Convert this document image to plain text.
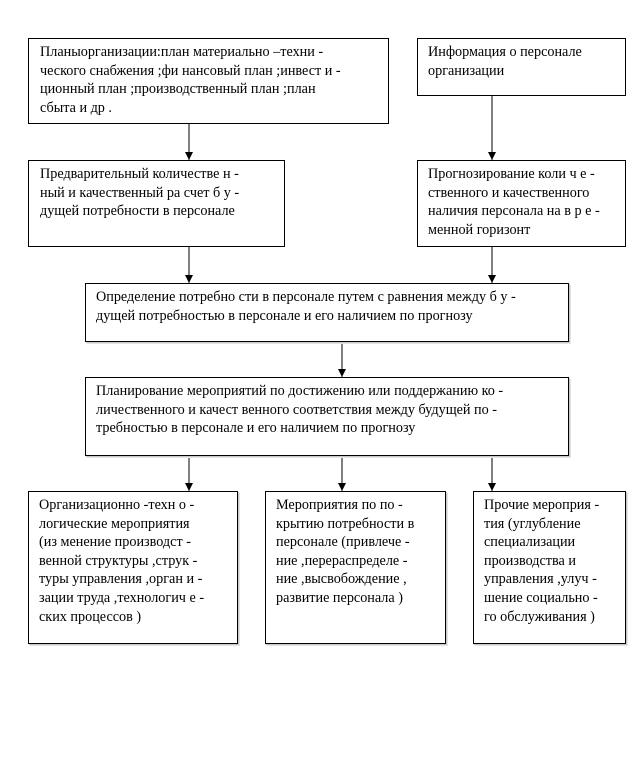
Планыорганизации:план материально –техни -
ческого снабжения ;фи нансовый план ;инвест и -
ционный план ;производственный план ;план
сбыта и др .

Информация о персонале
организации

Предварительный количестве н -
ный и качественный ра счет б у -
дущей потребности в персонале

Прогнозирование коли ч е -
ственного и качественного
наличия персонала на в р е -
менной горизонт

Определение потребно сти в персонале путем с равнения между б у -
дущей потребностью в персонале и его наличием по прогнозу

Планирование мероприятий по достижению или поддержанию ко -
личественного и качест венного соответствия между будущей по -
требностью в персонале и его наличием по прогнозу

Организационно -техн о -
логические мероприятия
(из менение производст -
венной структуры ,струк -
туры управления ,орган и -
зации труда ,технологич е -
ских процессов )

Мероприятия по по -
крытию потребности в
персонале (привлече -
ние ,перераспределе -
ние ,высвобождение ,
развитие персонала )

Прочие мероприя -
тия (углубление
специализации
производства и
управления ,улуч -
шение социально -
го обслуживания )
